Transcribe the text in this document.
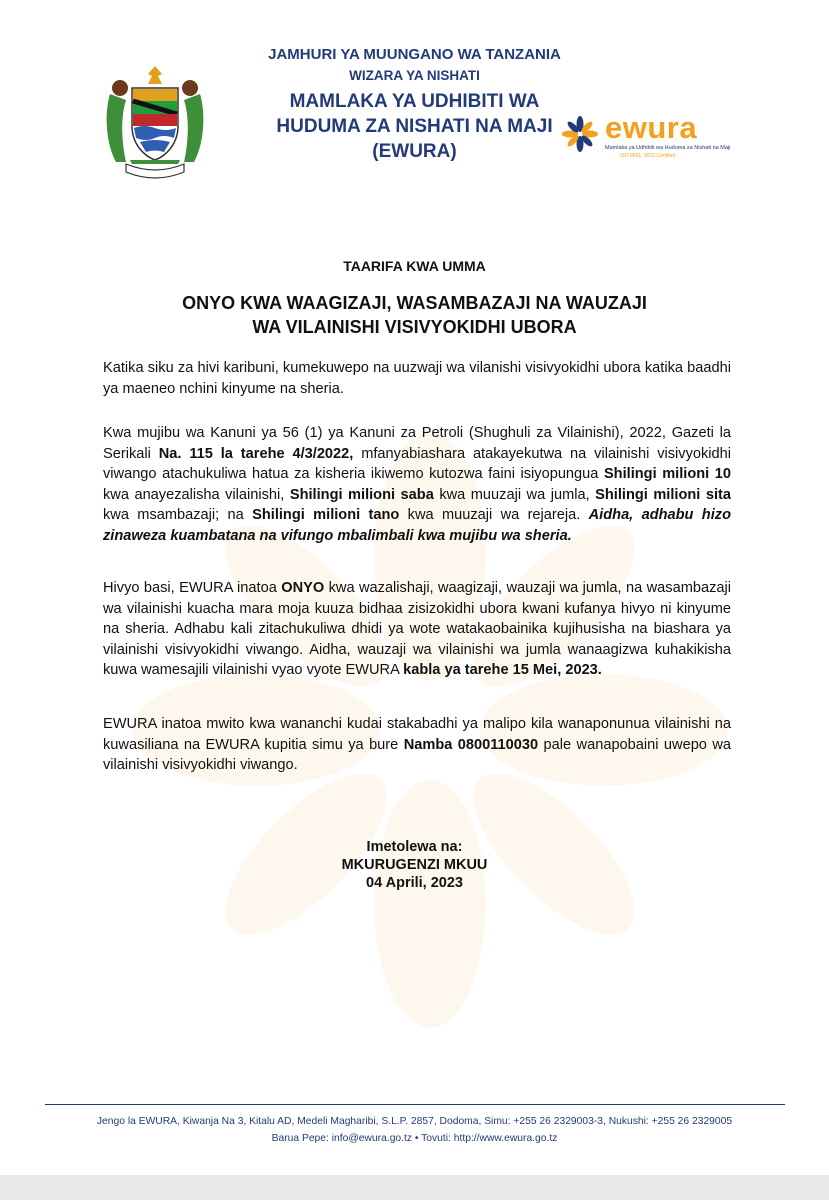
JAMHURI YA MUUNGANO WA TANZANIA
WIZARA YA NISHATI
MAMLAKA YA UDHIBITI WA
HUDUMA ZA NISHATI NA MAJI
(EWURA)
ewura
Mamlaka ya Udhibiti wa Huduma za Nishati na Maji
ISO 9001: 2015 Certified
TAARIFA KWA UMMA
ONYO KWA WAAGIZAJI, WASAMBAZAJI NA WAUZAJI
WA VILAINISHI VISIVYOKIDHI UBORA
Katika siku za hivi karibuni, kumekuwepo na uuzwaji wa vilanishi visivyokidhi ubora katika baadhi ya maeneo nchini kinyume na sheria.
Kwa mujibu wa Kanuni ya 56 (1) ya Kanuni za Petroli (Shughuli za Vilainishi), 2022, Gazeti la Serikali Na. 115 la tarehe 4/3/2022, mfanyabiashara atakayekutwa na vilainishi visivyokidhi viwango atachukuliwa hatua za kisheria ikiwemo kutozwa faini isiyopungua Shilingi milioni 10 kwa anayezalisha vilainishi, Shilingi milioni saba kwa muuzaji wa jumla, Shilingi milioni sita kwa msambazaji; na Shilingi milioni tano kwa muuzaji wa rejareja. Aidha, adhabu hizo zinaweza kuambatana na vifungo mbalimbali kwa mujibu wa sheria.
Hivyo basi, EWURA inatoa ONYO kwa wazalishaji, waagizaji, wauzaji wa jumla, na wasambazaji wa vilainishi kuacha mara moja kuuza bidhaa zisizokidhi ubora kwani kufanya hivyo ni kinyume na sheria. Adhabu kali zitachukuliwa dhidi ya wote watakaobainika kujihusisha na biashara ya vilainishi visivyokidhi viwango. Aidha, wauzaji wa vilainishi wa jumla wanaagizwa kuhakikisha kuwa wamesajili vilainishi vyao vyote EWURA kabla ya tarehe 15 Mei, 2023.
EWURA inatoa mwito kwa wananchi kudai stakabadhi ya malipo kila wanaponunua vilainishi na kuwasiliana na EWURA kupitia simu ya bure Namba 0800110030 pale wanapobaini uwepo wa vilainishi visivyokidhi viwango.
Imetolewa na:
MKURUGENZI MKUU
04 Aprili, 2023
Jengo la EWURA, Kiwanja Na 3, Kitalu AD, Medeli Magharibi, S.L.P. 2857, Dodoma, Simu: +255 26 2329003-3, Nukushi: +255 26 2329005
Barua Pepe: info@ewura.go.tz • Tovuti: http://www.ewura.go.tz
